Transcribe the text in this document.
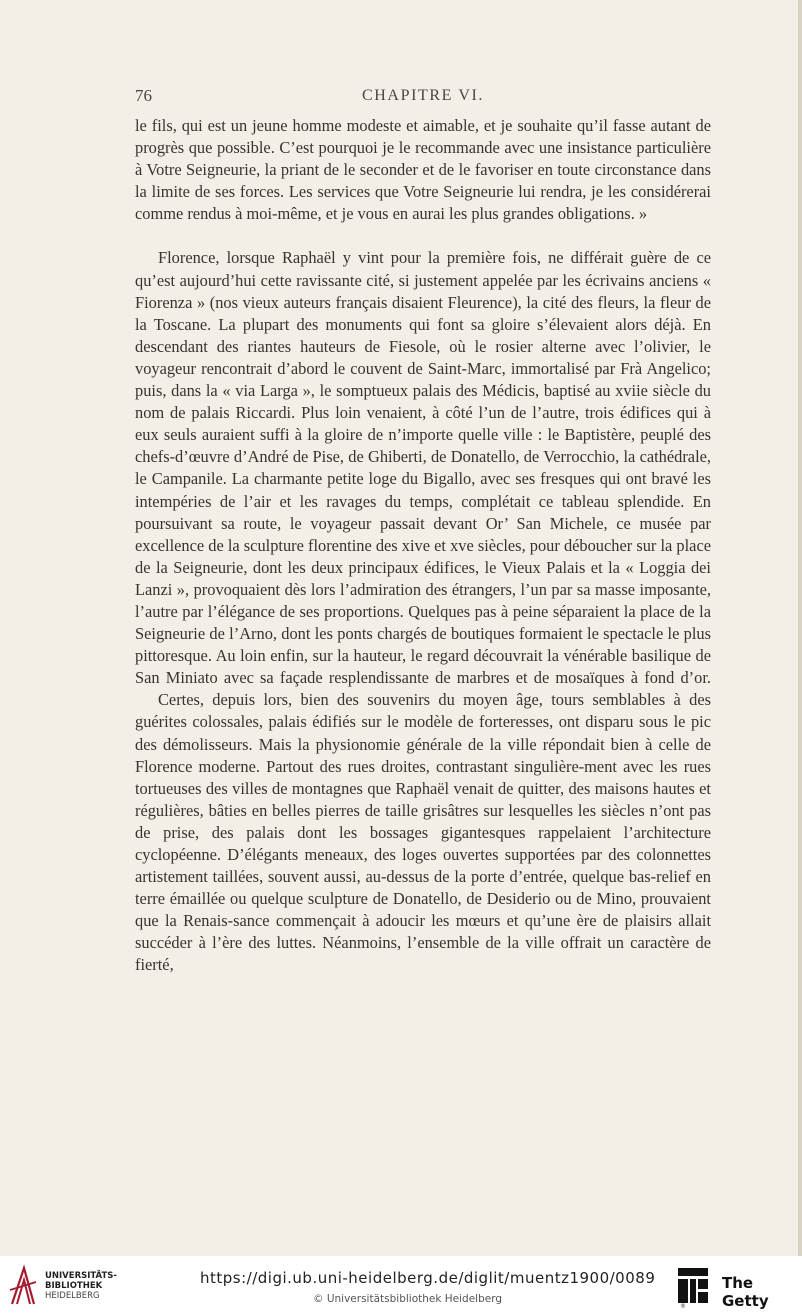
76	CHAPITRE VI.

le fils, qui est un jeune homme modeste et aimable, et je souhaite qu’il fasse autant de progrès que possible. C’est pourquoi je le recommande avec une insistance particulière à Votre Seigneurie, la priant de le seconder et de le favoriser en toute circonstance dans la limite de ses forces. Les services que Votre Seigneurie lui rendra, je les considérerai comme rendus à moi-même, et je vous en aurai les plus grandes obligations. »

Florence, lorsque Raphaël y vint pour la première fois, ne différait guère de ce qu’est aujourd’hui cette ravissante cité, si justement appelée par les écrivains anciens « Fiorenza » (nos vieux auteurs français disaient Fleurence), la cité des fleurs, la fleur de la Toscane. La plupart des monuments qui font sa gloire s’élevaient alors déjà. En descendant des riantes hauteurs de Fiesole, où le rosier alterne avec l’olivier, le voyageur rencontrait d’abord le couvent de Saint-Marc, immortalisé par Frà Angelico; puis, dans la « via Larga », le somptueux palais des Médicis, baptisé au xviie siècle du nom de palais Riccardi. Plus loin venaient, à côté l’un de l’autre, trois édifices qui à eux seuls auraient suffi à la gloire de n’importe quelle ville : le Baptistère, peuplé des chefs-d’œuvre d’André de Pise, de Ghiberti, de Donatello, de Verrocchio, la cathédrale, le Campanile. La charmante petite loge du Bigallo, avec ses fresques qui ont bravé les intempéries de l’air et les ravages du temps, complétait ce tableau splendide. En poursuivant sa route, le voyageur passait devant Or’ San Michele, ce musée par excellence de la sculpture florentine des xive et xve siècles, pour déboucher sur la place de la Seigneurie, dont les deux principaux édifices, le Vieux Palais et la « Loggia dei Lanzi », provoquaient dès lors l’admiration des étrangers, l’un par sa masse imposante, l’autre par l’élégance de ses proportions. Quelques pas à peine séparaient la place de la Seigneurie de l’Arno, dont les ponts chargés de boutiques formaient le spectacle le plus pittoresque. Au loin enfin, sur la hauteur, le regard découvrait la vénérable basilique de San Miniato avec sa façade resplendissante de marbres et de mosaïques à fond d’or.

Certes, depuis lors, bien des souvenirs du moyen âge, tours semblables à des guérites colossales, palais édifiés sur le modèle de forteresses, ont disparu sous le pic des démolisseurs. Mais la physionomie générale de la ville répondait bien à celle de Florence moderne. Partout des rues droites, contrastant singulière-ment avec les rues tortueuses des villes de montagnes que Raphaël venait de quitter, des maisons hautes et régulières, bâties en belles pierres de taille grisâtres sur lesquelles les siècles n’ont pas de prise, des palais dont les bossages gigantesques rappelaient l’architecture cyclopéenne. D’élégants meneaux, des loges ouvertes supportées par des colonnettes artistement taillées, souvent aussi, au-dessus de la porte d’entrée, quelque bas-relief en terre émaillée ou quelque sculpture de Donatello, de Desiderio ou de Mino, prouvaient que la Renais-sance commençait à adoucir les mœurs et qu’une ère de plaisirs allait succéder à l’ère des luttes. Néanmoins, l’ensemble de la ville offrait un caractère de fierté,

UNIVERSITÄTS-
BIBLIOTHEK
HEIDELBERG
https://digi.ub.uni-heidelberg.de/diglit/muentz1900/0089
© Universitätsbibliothek Heidelberg
®
The Getty
